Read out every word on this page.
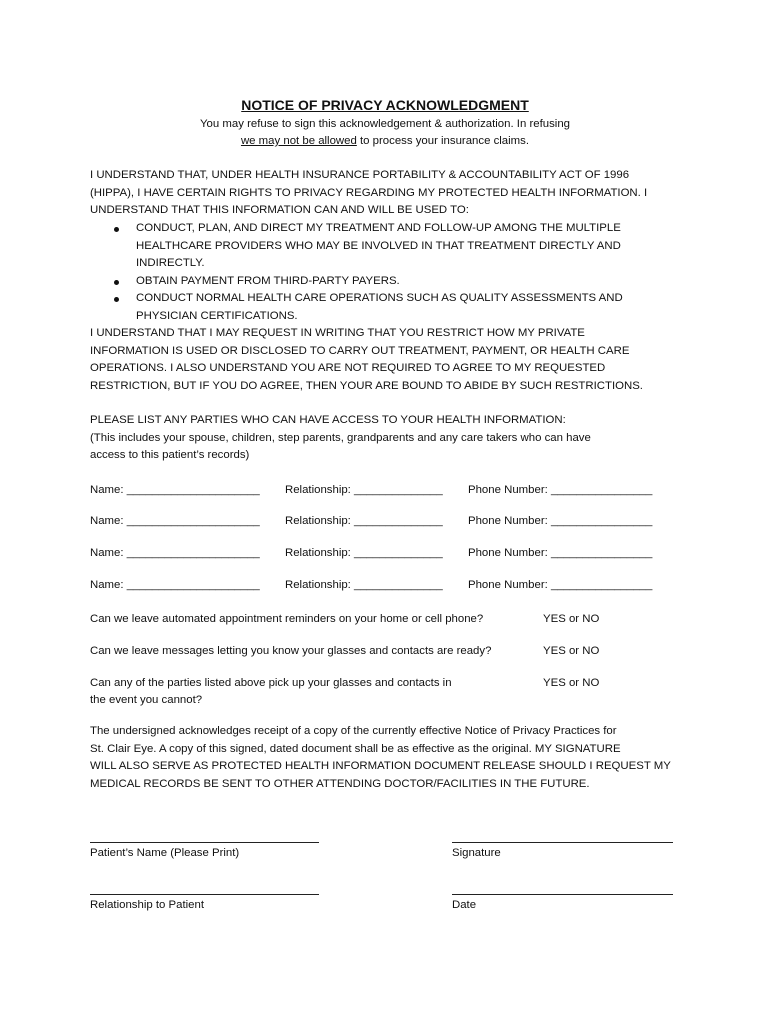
NOTICE OF PRIVACY ACKNOWLEDGMENT
You may refuse to sign this acknowledgement & authorization. In refusing
we may not be allowed to process your insurance claims.
I UNDERSTAND THAT, UNDER HEALTH INSURANCE PORTABILITY & ACCOUNTABILITY ACT OF 1996
(HIPPA), I HAVE CERTAIN RIGHTS TO PRIVACY REGARDING MY PROTECTED HEALTH INFORMATION. I
UNDERSTAND THAT THIS INFORMATION CAN AND WILL BE USED TO:
CONDUCT, PLAN, AND DIRECT MY TREATMENT AND FOLLOW-UP AMONG THE MULTIPLE
HEALTHCARE PROVIDERS WHO MAY BE INVOLVED IN THAT TREATMENT DIRECTLY AND
INDIRECTLY.
OBTAIN PAYMENT FROM THIRD-PARTY PAYERS.
CONDUCT NORMAL HEALTH CARE OPERATIONS SUCH AS QUALITY ASSESSMENTS AND
PHYSICIAN CERTIFICATIONS.
I UNDERSTAND THAT I MAY REQUEST IN WRITING THAT YOU RESTRICT HOW MY PRIVATE
INFORMATION IS USED OR DISCLOSED TO CARRY OUT TREATMENT, PAYMENT, OR HEALTH CARE
OPERATIONS. I ALSO UNDERSTAND YOU ARE NOT REQUIRED TO AGREE TO MY REQUESTED
RESTRICTION, BUT IF YOU DO AGREE, THEN YOUR ARE BOUND TO ABIDE BY SUCH RESTRICTIONS.
PLEASE LIST ANY PARTIES WHO CAN HAVE ACCESS TO YOUR HEALTH INFORMATION:
(This includes your spouse, children, step parents, grandparents and any care takers who can have
access to this patient’s records)
Name: _____________________ Relationship: ______________ Phone Number: ________________
Name: _____________________ Relationship: ______________ Phone Number: ________________
Name: _____________________ Relationship: ______________ Phone Number: ________________
Name: _____________________ Relationship: ______________ Phone Number: ________________
Can we leave automated appointment reminders on your home or cell phone?	YES or NO
Can we leave messages letting you know your glasses and contacts are ready?	YES or NO
Can any of the parties listed above pick up your glasses and contacts in
the event you cannot?
YES or NO
The undersigned acknowledges receipt of a copy of the currently effective Notice of Privacy Practices for
St. Clair Eye. A copy of this signed, dated document shall be as effective as the original. MY SIGNATURE
WILL ALSO SERVE AS PROTECTED HEALTH INFORMATION DOCUMENT RELEASE SHOULD I REQUEST MY
MEDICAL RECORDS BE SENT TO OTHER ATTENDING DOCTOR/FACILITIES IN THE FUTURE.
Patient’s Name (Please Print)	Signature
Relationship to Patient	Date
